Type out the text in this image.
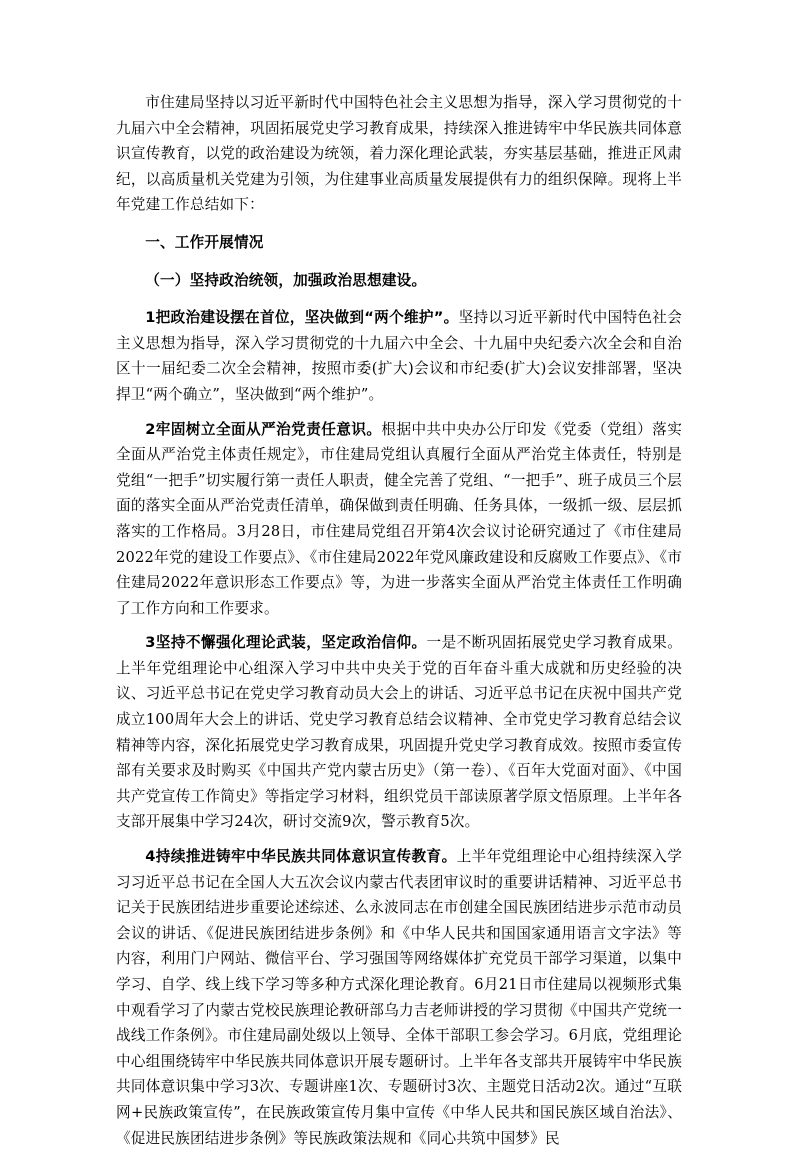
市住建局坚持以习近平新时代中国特色社会主义思想为指导，深入学习贯彻党的十九届六中全会精神，巩固拓展党史学习教育成果，持续深入推进铸牢中华民族共同体意识宣传教育，以党的政治建设为统领，着力深化理论武装，夯实基层基础，推进正风肃纪，以高质量机关党建为引领，为住建事业高质量发展提供有力的组织保障。现将上半年党建工作总结如下：

一、工作开展情况

（一）坚持政治统领，加强政治思想建设。

1把政治建设摆在首位，坚决做到“两个维护”。坚持以习近平新时代中国特色社会主义思想为指导，深入学习贯彻党的十九届六中全会、十九届中央纪委六次全会和自治区十一届纪委二次全会精神，按照市委(扩大)会议和市纪委(扩大)会议安排部署，坚决捍卫“两个确立”，坚决做到“两个维护”。

2牢固树立全面从严治党责任意识。根据中共中央办公厅印发《党委（党组）落实全面从严治党主体责任规定》，市住建局党组认真履行全面从严治党主体责任，特别是党组“一把手”切实履行第一责任人职责，健全完善了党组、“一把手”、班子成员三个层面的落实全面从严治党责任清单，确保做到责任明确、任务具体，一级抓一级、层层抓落实的工作格局。3月28日，市住建局党组召开第4次会议讨论研究通过了《市住建局2022年党的建设工作要点》、《市住建局2022年党风廉政建设和反腐败工作要点》、《市住建局2022年意识形态工作要点》等，为进一步落实全面从严治党主体责任工作明确了工作方向和工作要求。

3坚持不懈强化理论武装，坚定政治信仰。一是不断巩固拓展党史学习教育成果。上半年党组理论中心组深入学习中共中央关于党的百年奋斗重大成就和历史经验的决议、习近平总书记在党史学习教育动员大会上的讲话、习近平总书记在庆祝中国共产党成立100周年大会上的讲话、党史学习教育总结会议精神、全市党史学习教育总结会议精神等内容，深化拓展党史学习教育成果，巩固提升党史学习教育成效。按照市委宣传部有关要求及时购买《中国共产党内蒙古历史》（第一卷）、《百年大党面对面》、《中国共产党宣传工作简史》等指定学习材料，组织党员干部读原著学原文悟原理。上半年各支部开展集中学习24次，研讨交流9次，警示教育5次。

4持续推进铸牢中华民族共同体意识宣传教育。上半年党组理论中心组持续深入学习习近平总书记在全国人大五次会议内蒙古代表团审议时的重要讲话精神、习近平总书记关于民族团结进步重要论述综述、么永波同志在市创建全国民族团结进步示范市动员会议的讲话、《促进民族团结进步条例》和《中华人民共和国国家通用语言文字法》等内容，利用门户网站、微信平台、学习强国等网络媒体扩充党员干部学习渠道，以集中学习、自学、线上线下学习等多种方式深化理论教育。6月21日市住建局以视频形式集中观看学习了内蒙古党校民族理论教研部乌力吉老师讲授的学习贯彻《中国共产党统一战线工作条例》。市住建局副处级以上领导、全体干部职工参会学习。6月底，党组理论中心组围绕铸牢中华民族共同体意识开展专题研讨。上半年各支部共开展铸牢中华民族共同体意识集中学习3次、专题讲座1次、专题研讨3次、主题党日活动2次。通过“互联网+民族政策宣传”，在民族政策宣传月集中宣传《中华人民共和国民族区域自治法》、《促进民族团结进步条例》等民族政策法规和《同心共筑中国梦》民
